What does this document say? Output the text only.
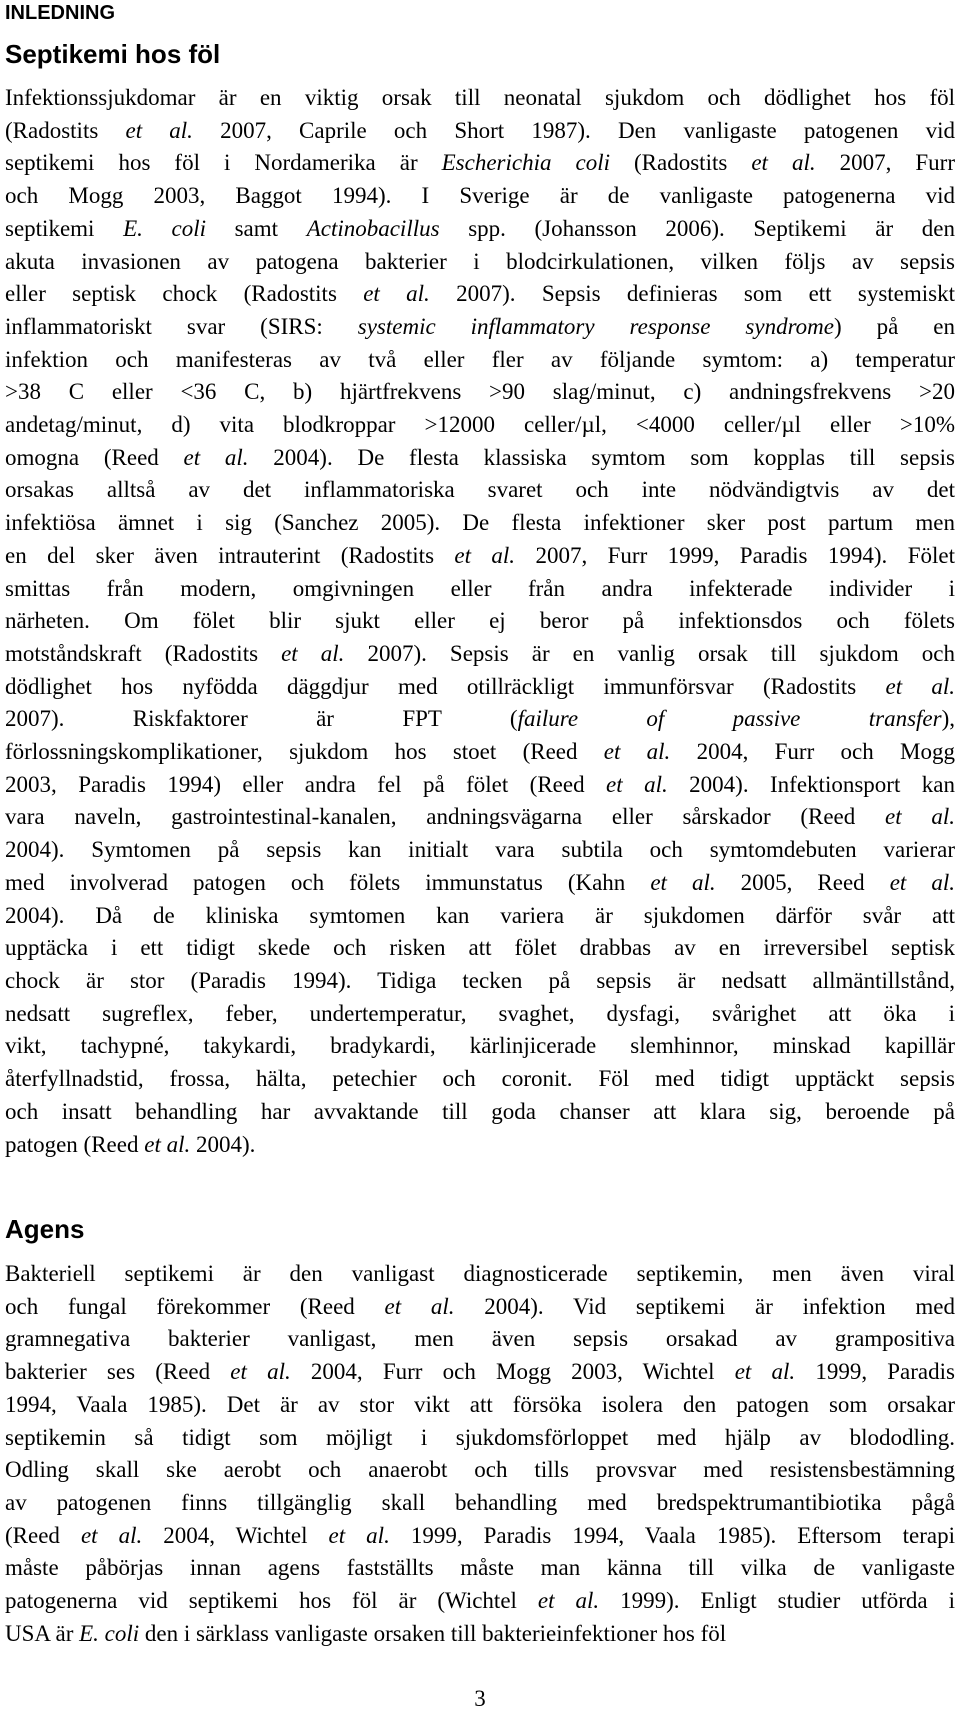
INLEDNING
Septikemi hos föl
Infektionssjukdomar är en viktig orsak till neonatal sjukdom och dödlighet hos föl
(Radostits et al. 2007, Caprile och Short 1987). Den vanligaste patogenen vid
septikemi hos föl i Nordamerika är Escherichia coli (Radostits et al. 2007, Furr
och Mogg 2003, Baggot 1994). I Sverige är de vanligaste patogenerna vid
septikemi E. coli samt Actinobacillus spp. (Johansson 2006). Septikemi är den
akuta invasionen av patogena bakterier i blodcirkulationen, vilken följs av sepsis
eller septisk chock (Radostits et al. 2007). Sepsis definieras som ett systemiskt
inflammatoriskt svar (SIRS: systemic inflammatory response syndrome) på en
infektion och manifesteras av två eller fler av följande symtom: a) temperatur
>38 C eller <36 C, b) hjärtfrekvens >90 slag/minut, c) andningsfrekvens >20
andetag/minut, d) vita blodkroppar >12000 celler/µl, <4000 celler/µl eller >10%
omogna (Reed et al. 2004). De flesta klassiska symtom som kopplas till sepsis
orsakas alltså av det inflammatoriska svaret och inte nödvändigtvis av det
infektiösa ämnet i sig (Sanchez 2005). De flesta infektioner sker post partum men
en del sker även intrauterint (Radostits et al. 2007, Furr 1999, Paradis 1994). Fölet
smittas från modern, omgivningen eller från andra infekterade individer i
närheten. Om fölet blir sjukt eller ej beror på infektionsdos och fölets
motståndskraft (Radostits et al. 2007). Sepsis är en vanlig orsak till sjukdom och
dödlighet hos nyfödda däggdjur med otillräckligt immunförsvar (Radostits et al.
2007). Riskfaktorer är FPT (failure of passive transfer),
förlossningskomplikationer, sjukdom hos stoet (Reed et al. 2004, Furr och Mogg
2003, Paradis 1994) eller andra fel på fölet (Reed et al. 2004). Infektionsport kan
vara naveln, gastrointestinal-kanalen, andningsvägarna eller sårskador (Reed et al.
2004). Symtomen på sepsis kan initialt vara subtila och symtomdebuten varierar
med involverad patogen och fölets immunstatus (Kahn et al. 2005, Reed et al.
2004). Då de kliniska symtomen kan variera är sjukdomen därför svår att
upptäcka i ett tidigt skede och risken att fölet drabbas av en irreversibel septisk
chock är stor (Paradis 1994). Tidiga tecken på sepsis är nedsatt allmäntillstånd,
nedsatt sugreflex, feber, undertemperatur, svaghet, dysfagi, svårighet att öka i
vikt, tachypné, takykardi, bradykardi, kärlinjicerade slemhinnor, minskad kapillär
återfyllnadstid, frossa, hälta, petechier och coronit. Föl med tidigt upptäckt sepsis
och insatt behandling har avvaktande till goda chanser att klara sig, beroende på
patogen (Reed et al. 2004).
Agens
Bakteriell septikemi är den vanligast diagnosticerade septikemin, men även viral
och fungal förekommer (Reed et al. 2004). Vid septikemi är infektion med
gramnegativa bakterier vanligast, men även sepsis orsakad av grampositiva
bakterier ses (Reed et al. 2004, Furr och Mogg 2003, Wichtel et al. 1999, Paradis
1994, Vaala 1985). Det är av stor vikt att försöka isolera den patogen som orsakar
septikemin så tidigt som möjligt i sjukdomsförloppet med hjälp av blododling.
Odling skall ske aerobt och anaerobt och tills provsvar med resistensbestämning
av patogenen finns tillgänglig skall behandling med bredspektrumantibiotika pågå
(Reed et al. 2004, Wichtel et al. 1999, Paradis 1994, Vaala 1985). Eftersom terapi
måste påbörjas innan agens fastställts måste man känna till vilka de vanligaste
patogenerna vid septikemi hos föl är (Wichtel et al. 1999). Enligt studier utförda i
USA är E. coli den i särklass vanligaste orsaken till bakterieinfektioner hos föl
3
